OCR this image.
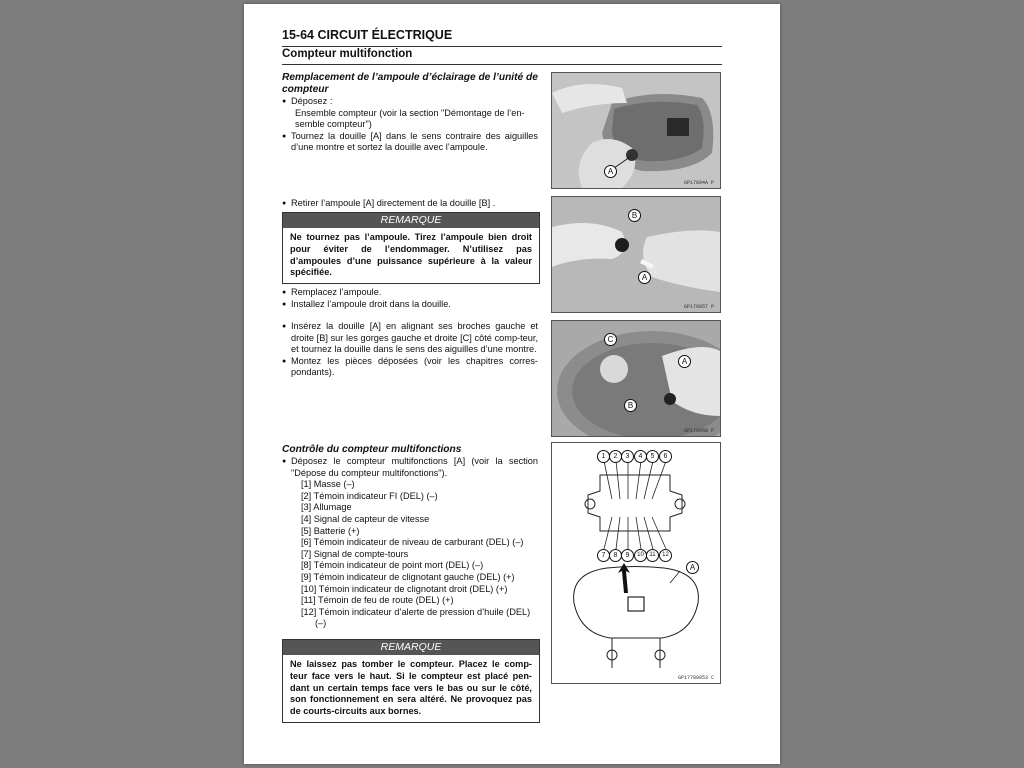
15-64 CIRCUIT ÉLECTRIQUE
Compteur multifonction
Remplacement de l’ampoule d’éclairage de l’unité de compteur
● Déposez :
Ensemble compteur (voir la section "Démontage de l’en-semble compteur")
● Tournez la douille [A] dans le sens contraire des aiguilles d’une montre et sortez la douille avec l’ampoule.
● Retirer l’ampoule [A] directement de la douille [B] .
REMARQUE
Ne tournez pas l’ampoule. Tirez l’ampoule bien droit pour éviter de l’endommager. N’utilisez pas d’ampoules d’une puissance supérieure à la valeur spécifiée.
● Remplacez l’ampoule.
● Installez l’ampoule droit dans la douille.
● Insérez la douille [A] en alignant ses broches gauche et droite [B] sur les gorges gauche et droite [C] côté comp-teur, et tournez la douille dans le sens des aiguilles d’une montre.
● Montez les pièces déposées (voir les chapitres corres-pondants).
Contrôle du compteur multifonctions
● Déposez le compteur multifonctions [A] (voir la section "Dépose du compteur multifonctions").
[1] Masse (–)
[2] Témoin indicateur FI (DEL) (–)
[3] Allumage
[4] Signal de capteur de vitesse
[5] Batterie (+)
[6] Témoin indicateur de niveau de carburant (DEL) (–)
[7] Signal de compte-tours
[8] Témoin indicateur de point mort (DEL) (–)
[9] Témoin indicateur de clignotant gauche (DEL) (+)
[10] Témoin indicateur de clignotant droit (DEL) (+)
[11] Témoin de feu de route (DEL) (+)
[12] Témoin indicateur d’alerte de pression d’huile (DEL)
(–)
REMARQUE
Ne laissez pas tomber le compteur. Placez le comp-teur face vers le haut. Si le compteur est placé pen-dant un certain temps face vers le bas ou sur le côté, son fonctionnement en sera altéré. Ne provoquez pas de courts-circuits aux bornes.
A
GP17894A P
B
A
GP17895T P
C
A
B
GP17896B P
1	2	3	4	5	6
7	8	9	10 11	12
A
GP17789053 C
